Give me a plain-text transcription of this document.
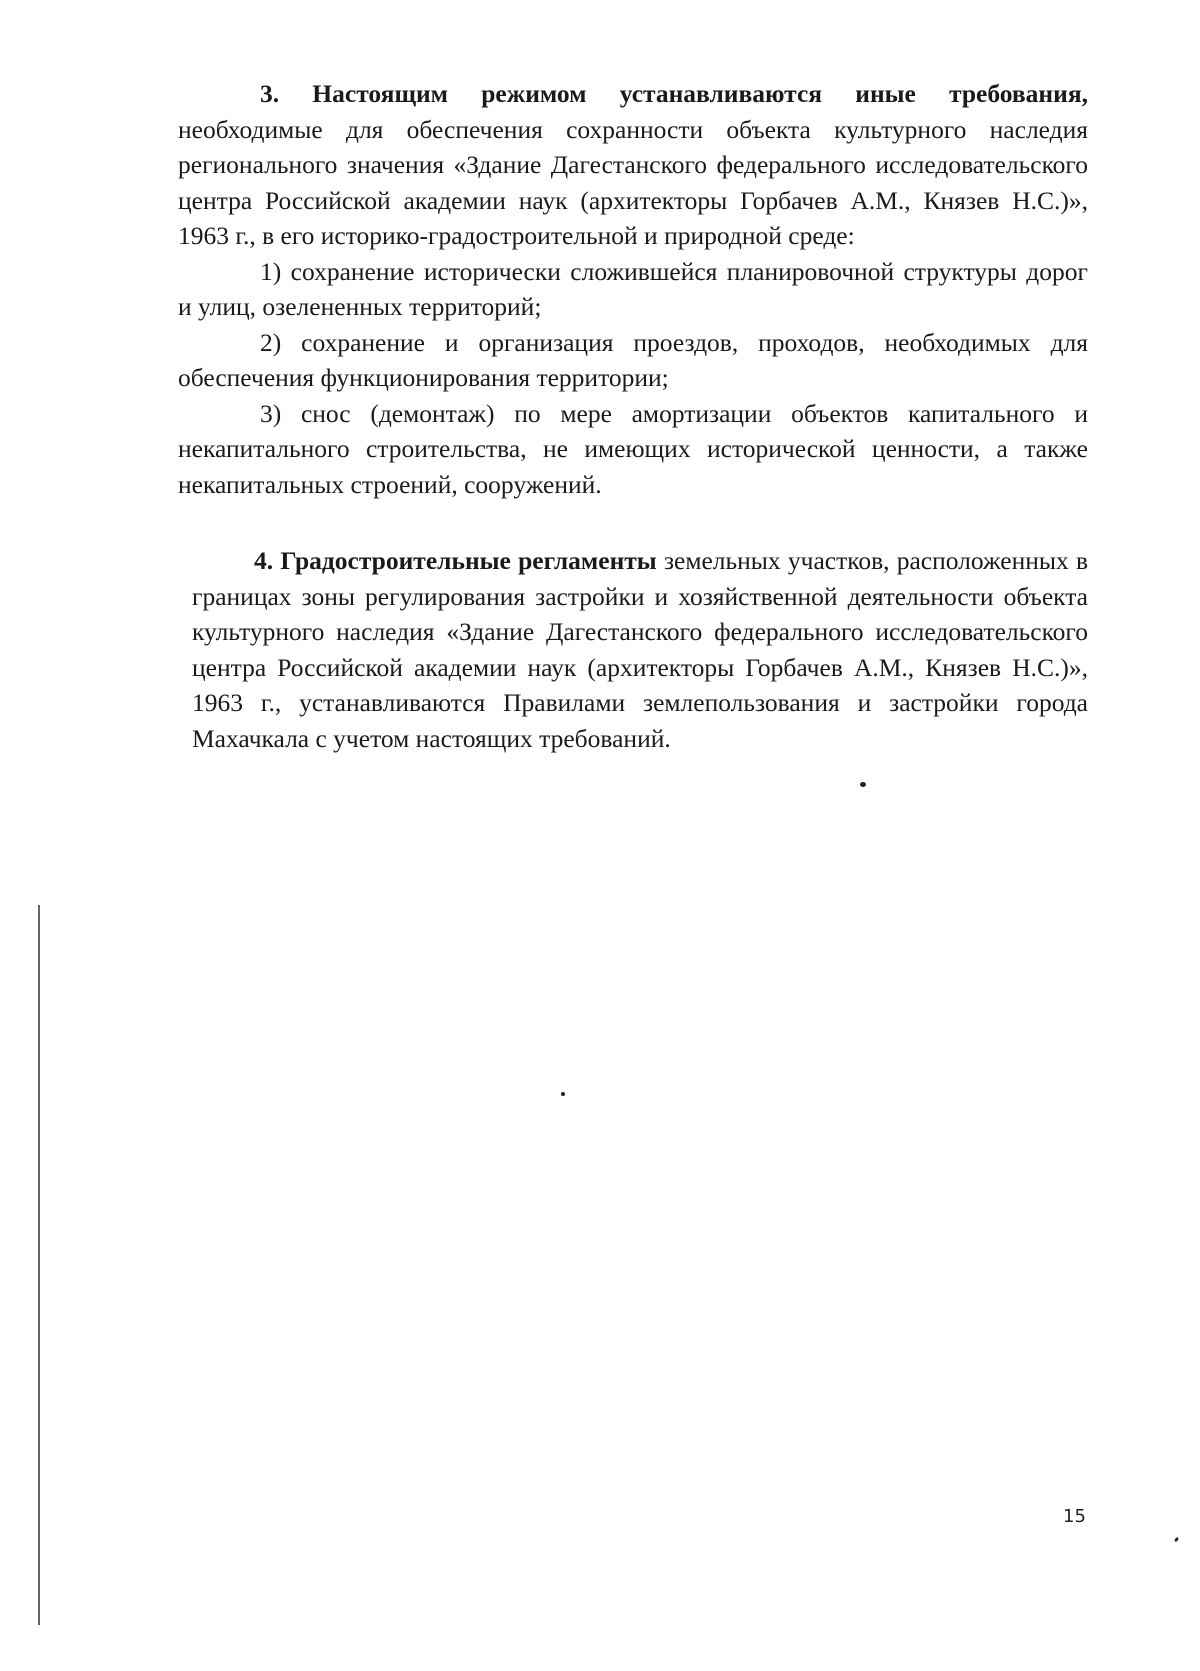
3. Настоящим режимом устанавливаются иные требования, необходимые для обеспечения сохранности объекта культурного наследия регионального значения «Здание Дагестанского федерального исследовательского центра Российской академии наук (архитекторы Горбачев А.М., Князев Н.С.)», 1963 г., в его историко-градостроительной и природной среде:

1) сохранение исторически сложившейся планировочной структуры дорог и улиц, озелененных территорий;

2) сохранение и организация проездов, проходов, необходимых для обеспечения функционирования территории;

3) снос (демонтаж) по мере амортизации объектов капитального и некапитального строительства, не имеющих исторической ценности, а также некапитальных строений, сооружений.

4. Градостроительные регламенты земельных участков, расположенных в границах зоны регулирования застройки и хозяйственной деятельности объекта культурного наследия «Здание Дагестанского федерального исследовательского центра Российской академии наук (архитекторы Горбачев А.М., Князев Н.С.)», 1963 г., устанавливаются Правилами землепользования и застройки города Махачкала с учетом настоящих требований.

15
